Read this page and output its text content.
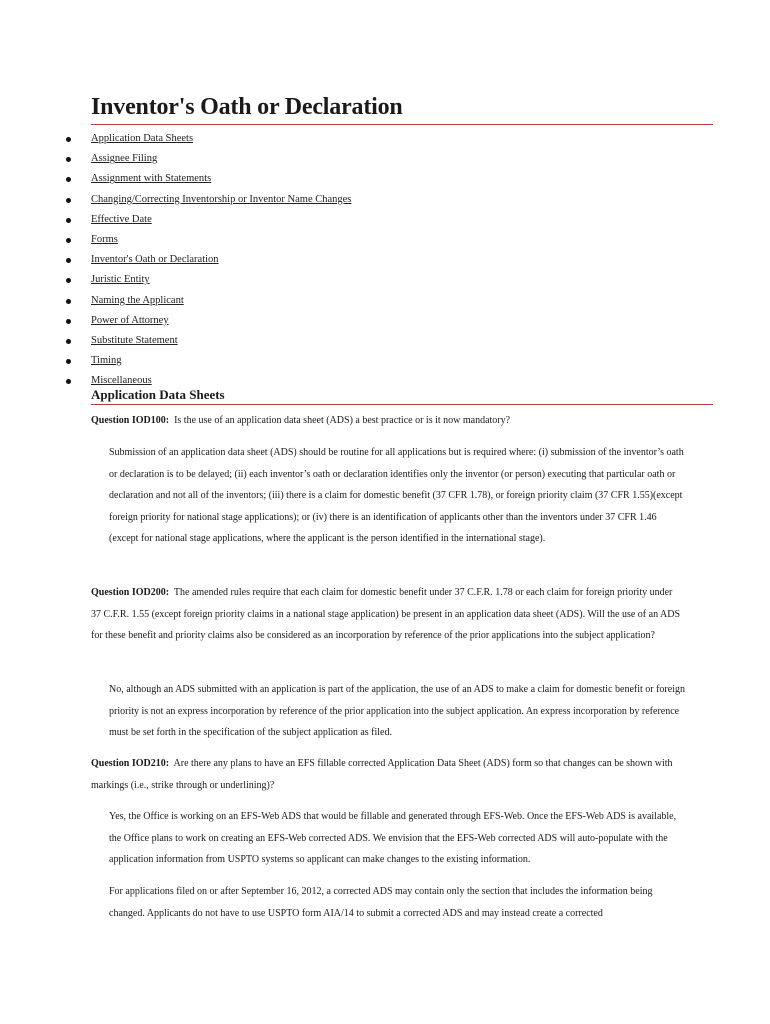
Inventor's Oath or Declaration
Application Data Sheets
Assignee Filing
Assignment with Statements
Changing/Correcting Inventorship or Inventor Name Changes
Effective Date
Forms
Inventor's Oath or Declaration
Juristic Entity
Naming the Applicant
Power of Attorney
Substitute Statement
Timing
Miscellaneous
Application Data Sheets
Question IOD100: Is the use of an application data sheet (ADS) a best practice or is it now mandatory?
Submission of an application data sheet (ADS) should be routine for all applications but is required where: (i) submission of the inventor’s oath or declaration is to be delayed; (ii) each inventor’s oath or declaration identifies only the inventor (or person) executing that particular oath or declaration and not all of the inventors; (iii) there is a claim for domestic benefit (37 CFR 1.78), or foreign priority claim (37 CFR 1.55)(except foreign priority for national stage applications); or (iv) there is an identification of applicants other than the inventors under 37 CFR 1.46 (except for national stage applications, where the applicant is the person identified in the international stage).
Question IOD200: The amended rules require that each claim for domestic benefit under 37 C.F.R. 1.78 or each claim for foreign priority under 37 C.F.R. 1.55 (except foreign priority claims in a national stage application) be present in an application data sheet (ADS). Will the use of an ADS for these benefit and priority claims also be considered as an incorporation by reference of the prior applications into the subject application?
No, although an ADS submitted with an application is part of the application, the use of an ADS to make a claim for domestic benefit or foreign priority is not an express incorporation by reference of the prior application into the subject application. An express incorporation by reference must be set forth in the specification of the subject application as filed.
Question IOD210: Are there any plans to have an EFS fillable corrected Application Data Sheet (ADS) form so that changes can be shown with markings (i.e., strike through or underlining)?
Yes, the Office is working on an EFS-Web ADS that would be fillable and generated through EFS-Web. Once the EFS-Web ADS is available, the Office plans to work on creating an EFS-Web corrected ADS. We envision that the EFS-Web corrected ADS will auto-populate with the application information from USPTO systems so applicant can make changes to the existing information.
For applications filed on or after September 16, 2012, a corrected ADS may contain only the section that includes the information being changed. Applicants do not have to use USPTO form AIA/14 to submit a corrected ADS and may instead create a corrected
